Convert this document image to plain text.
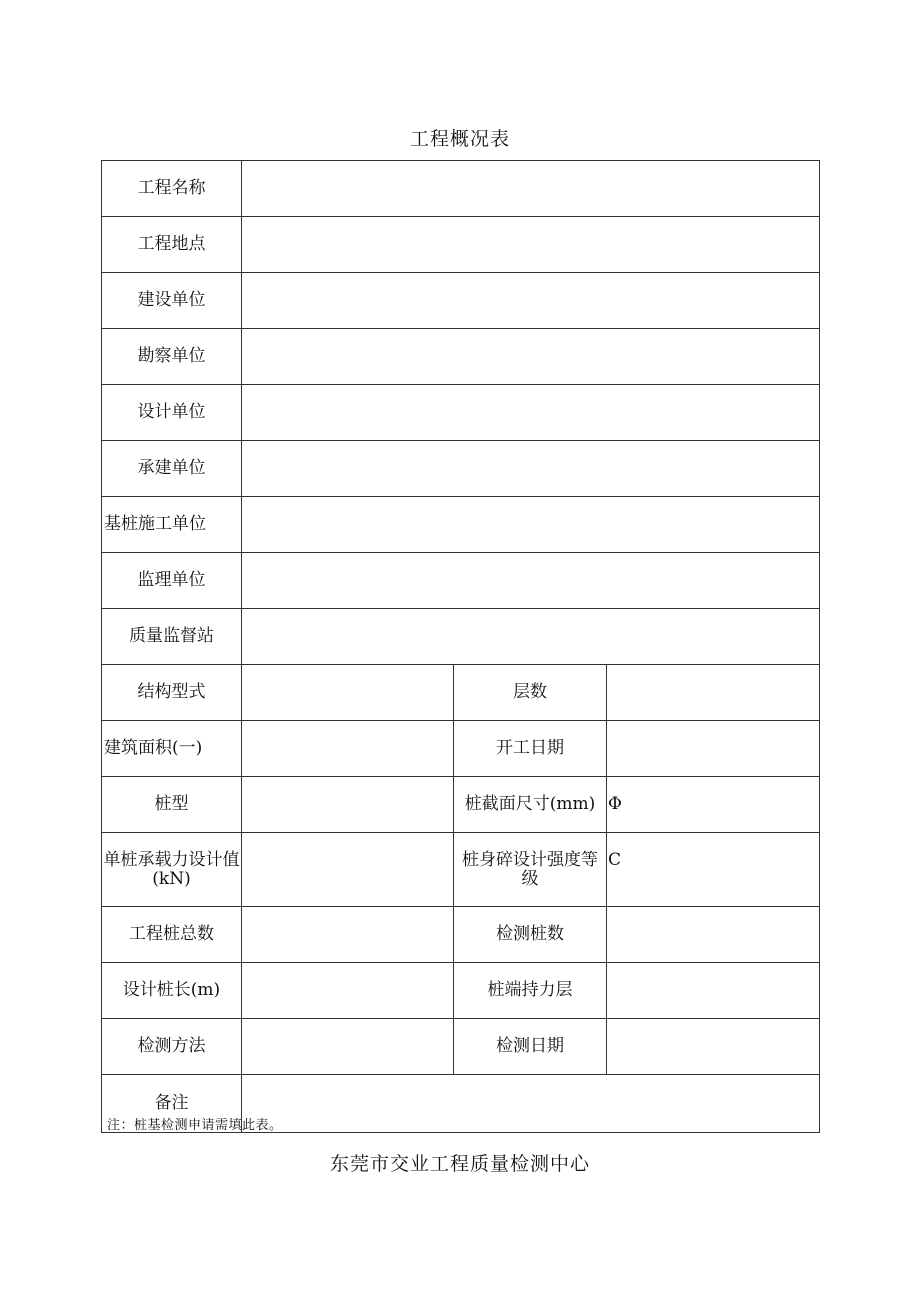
工程概况表
工程名称			
工程地点			
建设单位			
勘察单位			
设计单位			
承建单位			
基桩施工单位			
监理单位			
质量监督站			
结构型式		层数	
建筑面积(一)		开工日期	
桩型		桩截面尺寸(mm)	Φ
单桩承载力设计值(kN)		桩身碎设计强度等级	C
工程桩总数		检测桩数	
设计桩长(m)		桩端持力层	
检测方法		检测日期	
备注			
注：桩基检测申请需填此表。
东莞市交业工程质量检测中心
